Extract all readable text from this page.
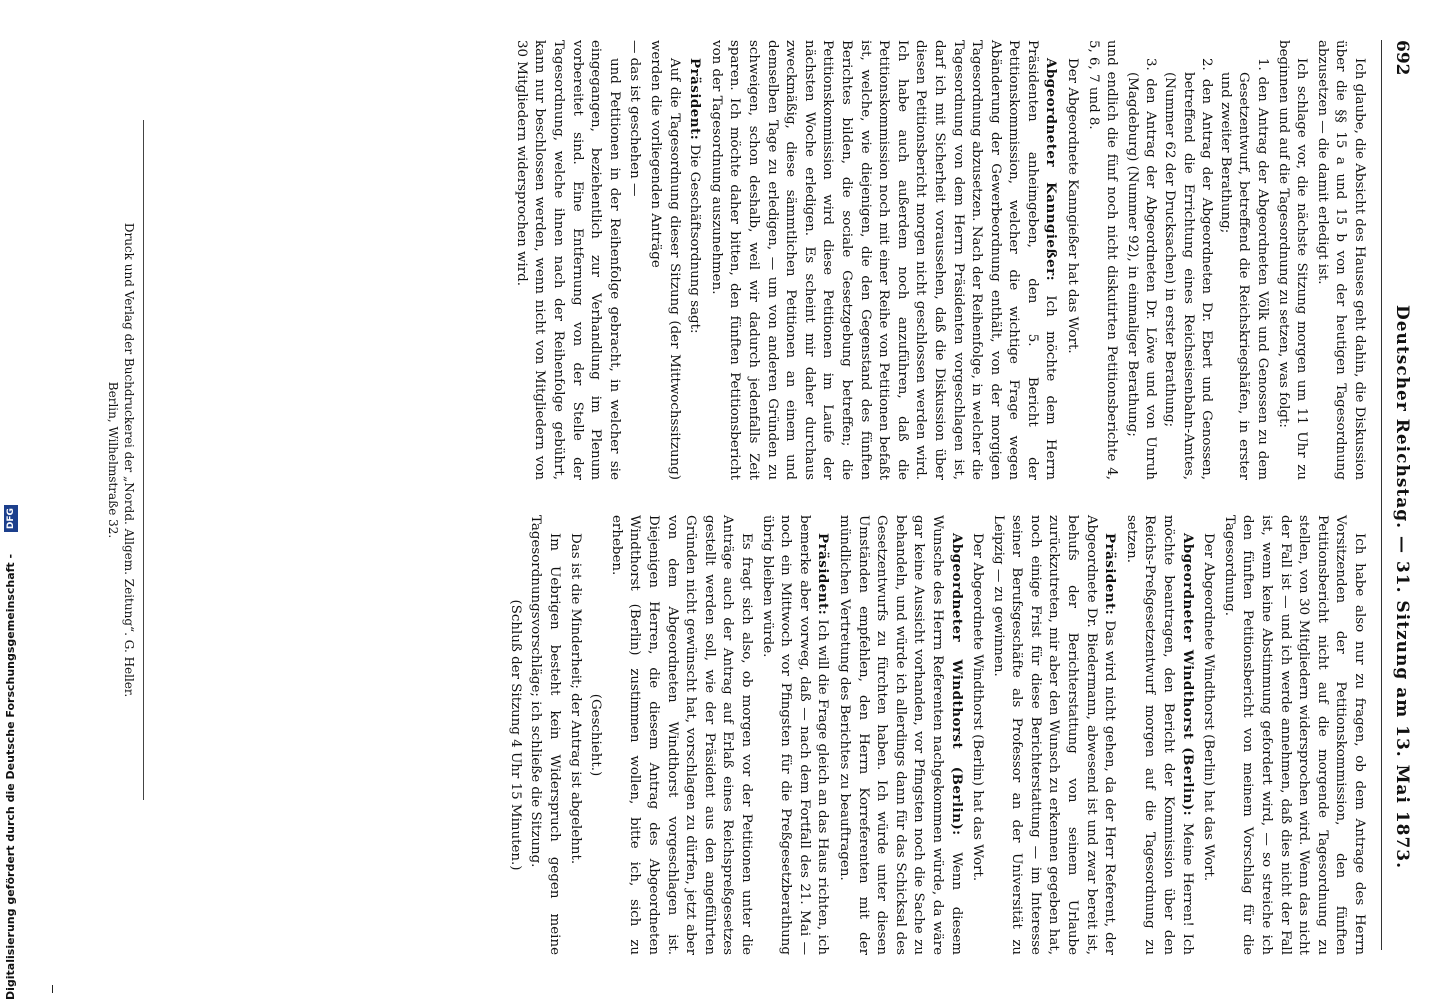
692
Deutscher Reichstag. — 31. Sitzung am 13. Mai 1873.

Ich glaube, die Absicht des Hauses geht dahin, die Diskussion über die §§ 15 a und 15 b von der heutigen Tagesordnung abzusetzen — die damit erledigt ist.

Ich schlage vor, die nächste Sitzung morgen um 11 Uhr zu beginnen und auf die Tagesordnung zu setzen, was folgt:

1. den Antrag der Abgeordneten Völk und Genossen zu dem Gesetzentwurf, betreffend die Reichskriegshäfen, in erster und zweiter Berathung;
2. den Antrag der Abgeordneten Dr. Ebert und Genossen, betreffend die Errichtung eines Reichseisenbahn-Amtes, (Nummer 62 der Drucksachen) in erster Berathung;
3. den Antrag der Abgeordneten Dr. Löwe und von Unruh (Magdeburg) (Nummer 92), in einmaliger Berathung;

und endlich die fünf noch nicht diskutirten Petitionsberichte 4, 5, 6, 7 und 8.

Der Abgeordnete Kanngießer hat das Wort.

Abgeordneter Kanngießer: Ich möchte dem Herrn Präsidenten anheimgeben, den 5. Bericht der Petitionskommission, welcher die wichtige Frage wegen Abänderung der Gewerbeordnung enthält, von der morgigen Tagesordnung abzusetzen. Nach der Reihenfolge, in welcher die Tagesordnung von dem Herrn Präsidenten vorgeschlagen ist, darf ich mit Sicherheit voraussehen, daß die Diskussion über diesen Petitionsbericht morgen nicht geschlossen werden wird. Ich habe auch außerdem noch anzuführen, daß die Petitionskommission noch mit einer Reihe von Petitionen befaßt ist, welche, wie diejenigen, die den Gegenstand des fünften Berichtes bilden, die sociale Gesetzgebung betreffen; die Petitionskommission wird diese Petitionen im Laufe der nächsten Woche erledigen. Es scheint mir daher durchaus zweckmäßig, diese sämmtlichen Petitionen an einem und demselben Tage zu erledigen, — um von anderen Gründen zu schweigen, schon deshalb, weil wir dadurch jedenfalls Zeit sparen. Ich möchte daher bitten, den fünften Petitionsbericht von der Tagesordnung auszunehmen.

Präsident: Die Geschäftsordnung sagt:

Auf die Tagesordnung dieser Sitzung (der Mittwochssitzung) werden die vorliegenden Anträge

— das ist geschehen —

und Petitionen in der Reihenfolge gebracht, in welcher sie eingegangen, beziehentlich zur Verhandlung im Plenum vorbereitet sind. Eine Entfernung von der Stelle der Tagesordnung, welche ihnen nach der Reihenfolge gebührt, kann nur beschlossen werden, wenn nicht von Mitgliedern von 30 Mitgliedern widersprochen wird.

Ich habe also nur zu fragen, ob dem Antrage des Herrn Vorsitzenden der Petitionskommission, den fünften Petitionsbericht nicht auf die morgende Tagesordnung zu stellen, von 30 Mitgliedern widersprochen wird. Wenn das nicht der Fall ist — und ich werde annehmen, daß dies nicht der Fall ist, wenn keine Abstimmung gefordert wird, — so streiche ich den fünften Petitionsbericht von meinem Vorschlag für die Tagesordnung.

Der Abgeordnete Windthorst (Berlin) hat das Wort.

Abgeordneter Windthorst (Berlin): Meine Herren! Ich möchte beantragen, den Bericht der Kommission über den Reichs-Preßgesetzentwurf morgen auf die Tagesordnung zu setzen.

Präsident: Das wird nicht gehen, da der Herr Referent, der Abgeordnete Dr. Biedermann, abwesend ist und zwar bereit ist, behufs der Berichterstattung von seinem Urlaube zurückzutreten, mir aber den Wunsch zu erkennen gegeben hat, noch einige Frist für diese Berichterstattung — im Interesse seiner Berufsgeschäfte als Professor an der Universität zu Leipzig — zu gewinnen.

Der Abgeordnete Windthorst (Berlin) hat das Wort.

Abgeordneter Windthorst (Berlin): Wenn diesem Wunsche des Herrn Referenten nachgekommen würde, da wäre gar keine Aussicht vorhanden, vor Pfingsten noch die Sache zu behandeln, und würde ich allerdings dann für das Schicksal des Gesetzentwurfs zu fürchten haben. Ich würde unter diesen Umständen empfehlen, den Herrn Korreferenten mit der mündlichen Vertretung des Berichtes zu beauftragen.

Präsident: Ich will die Frage gleich an das Haus richten, ich bemerke aber vorweg, daß — nach dem Fortfall des 21. Mai — noch ein Mittwoch vor Pfingsten für die Preßgesetzberathung übrig bleiben würde.

Es fragt sich also, ob morgen vor der Petitionen unter die Anträge auch der Antrag auf Erlaß eines Reichspreßgesetzes gestellt werden soll, wie der Präsident aus den angeführten Gründen nicht gewünscht hat, vorschlagen zu dürfen, jetzt aber von dem Abgeordneten Windthorst vorgeschlagen ist. Diejenigen Herren, die diesem Antrag des Abgeordneten Windthorst (Berlin) zustimmen wollen, bitte ich, sich zu erheben.

(Geschieht.)

Das ist die Minderheit; der Antrag ist abgelehnt.

Im Uebrigen besteht kein Widerspruch gegen meine Tagesordnungsvorschläge; ich schließe die Sitzung.

(Schluß der Sitzung 4 Uhr 15 Minuten.)

Druck und Verlag der Buchdruckerei der „Nordd. Allgem. Zeitung“. G. Heller.
Berlin, Wilhelmstraße 32.
Digitalisierung gefördert durch die Deutsche Forschungsgemeinschaft - DFG
